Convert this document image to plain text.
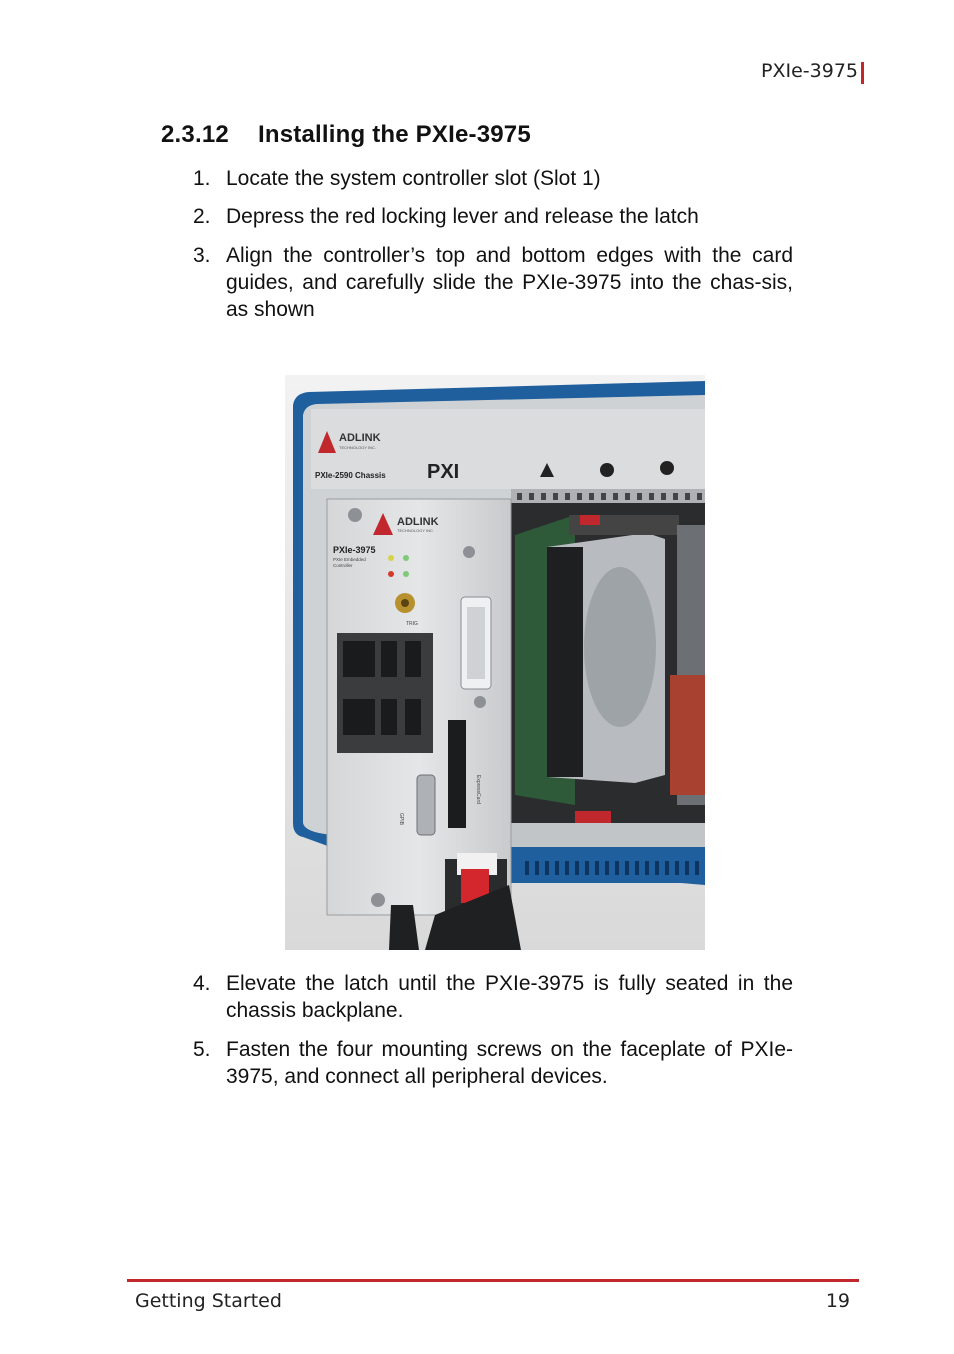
PXIe-3975
2.3.12 Installing the PXIe-3975
1. Locate the system controller slot (Slot 1)
2. Depress the red locking lever and release the latch
3. Align the controller’s top and bottom edges with the card guides, and carefully slide the PXIe-3975 into the chas-sis, as shown
ADLINK
TECHNOLOGY INC.
PXIe-2590 Chassis PXI
ADLINK
TECHNOLOGY INC.
PXIe-3975
PXIe Embedded
Controller
TRIG
ExpressCard
GPIB
4. Elevate the latch until the PXIe-3975 is fully seated in the chassis backplane.
5. Fasten the four mounting screws on the faceplate of PXIe-3975, and connect all peripheral devices.
Getting Started	19
